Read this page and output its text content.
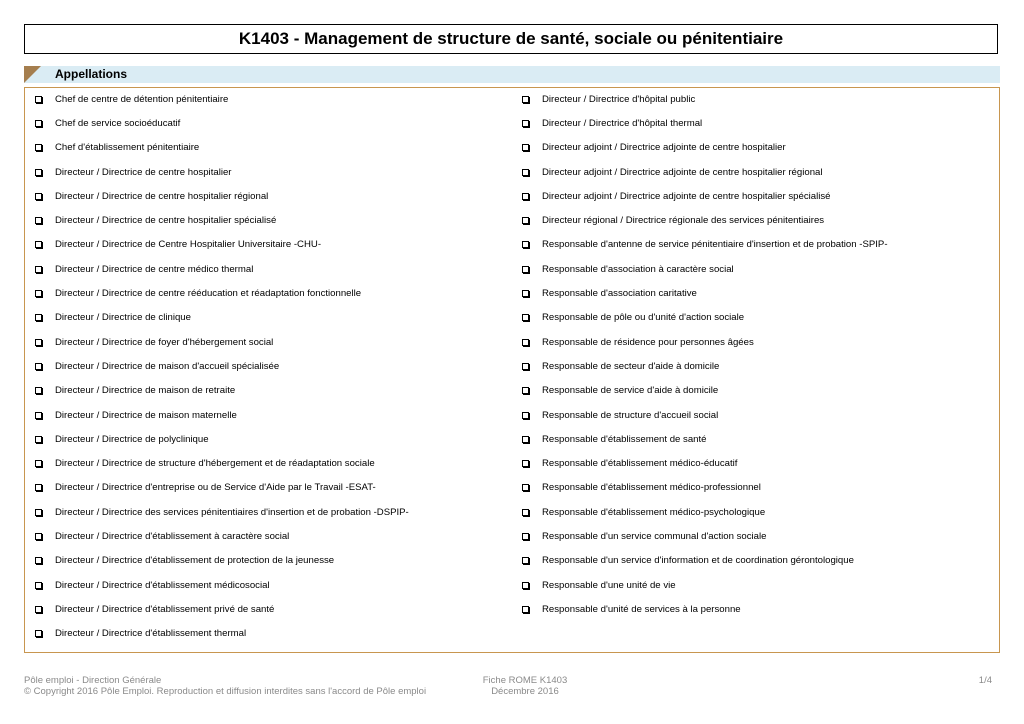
K1403 - Management de structure de santé, sociale ou pénitentiaire
Appellations
Chef de centre de détention pénitentiaire
Chef de service socioéducatif
Chef d'établissement pénitentiaire
Directeur / Directrice de centre hospitalier
Directeur / Directrice de centre hospitalier régional
Directeur / Directrice de centre hospitalier spécialisé
Directeur / Directrice de Centre Hospitalier Universitaire -CHU-
Directeur / Directrice de centre médico thermal
Directeur / Directrice de centre rééducation et réadaptation fonctionnelle
Directeur / Directrice de clinique
Directeur / Directrice de foyer d'hébergement social
Directeur / Directrice de maison d'accueil spécialisée
Directeur / Directrice de maison de retraite
Directeur / Directrice de maison maternelle
Directeur / Directrice de polyclinique
Directeur / Directrice de structure d'hébergement et de réadaptation sociale
Directeur / Directrice d'entreprise ou de Service d'Aide par le Travail -ESAT-
Directeur / Directrice des services pénitentiaires d'insertion et de probation -DSPIP-
Directeur / Directrice d'établissement à caractère social
Directeur / Directrice d'établissement de protection de la jeunesse
Directeur / Directrice d'établissement médicosocial
Directeur / Directrice d'établissement privé de santé
Directeur / Directrice d'établissement thermal
Directeur / Directrice d'hôpital public
Directeur / Directrice d'hôpital thermal
Directeur adjoint / Directrice adjointe de centre hospitalier
Directeur adjoint / Directrice adjointe de centre hospitalier régional
Directeur adjoint / Directrice adjointe de centre hospitalier spécialisé
Directeur régional / Directrice régionale des services pénitentiaires
Responsable d'antenne de service pénitentiaire d'insertion et de probation -SPIP-
Responsable d'association à caractère social
Responsable d'association caritative
Responsable de pôle ou d'unité d'action sociale
Responsable de résidence pour personnes âgées
Responsable de secteur d'aide à domicile
Responsable de service d'aide à domicile
Responsable de structure d'accueil social
Responsable d'établissement de santé
Responsable d'établissement médico-éducatif
Responsable d'établissement médico-professionnel
Responsable d'établissement médico-psychologique
Responsable d'un service communal d'action sociale
Responsable d'un service d'information et de coordination gérontologique
Responsable d'une unité de vie
Responsable d'unité de services à la personne
Pôle emploi - Direction Générale
© Copyright 2016 Pôle Emploi. Reproduction et diffusion interdites sans l'accord de Pôle emploi
Fiche ROME K1403
Décembre 2016
1/4
